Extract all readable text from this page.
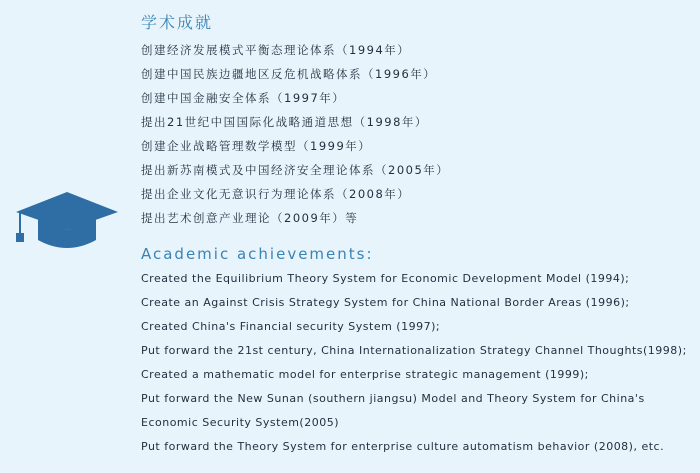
学术成就
创建经济发展模式平衡态理论体系（1994年）
创建中国民族边疆地区反危机战略体系（1996年）
创建中国金融安全体系（1997年）
提出21世纪中国国际化战略通道思想（1998年）
创建企业战略管理数学模型（1999年）
提出新苏南模式及中国经济安全理论体系（2005年）
提出企业文化无意识行为理论体系（2008年）
提出艺术创意产业理论（2009年）等
Academic achievements:
Created the Equilibrium Theory System for Economic Development Model (1994);
Create an Against Crisis Strategy System for China National Border Areas (1996);
Created China's Financial security System (1997);
Put forward the 21st century, China Internationalization Strategy Channel Thoughts(1998);
Created a mathematic model for enterprise strategic management (1999);
Put forward the New Sunan (southern jiangsu) Model and Theory System for China's
Economic Security System(2005)
Put forward the Theory System for enterprise culture automatism behavior (2008), etc.
